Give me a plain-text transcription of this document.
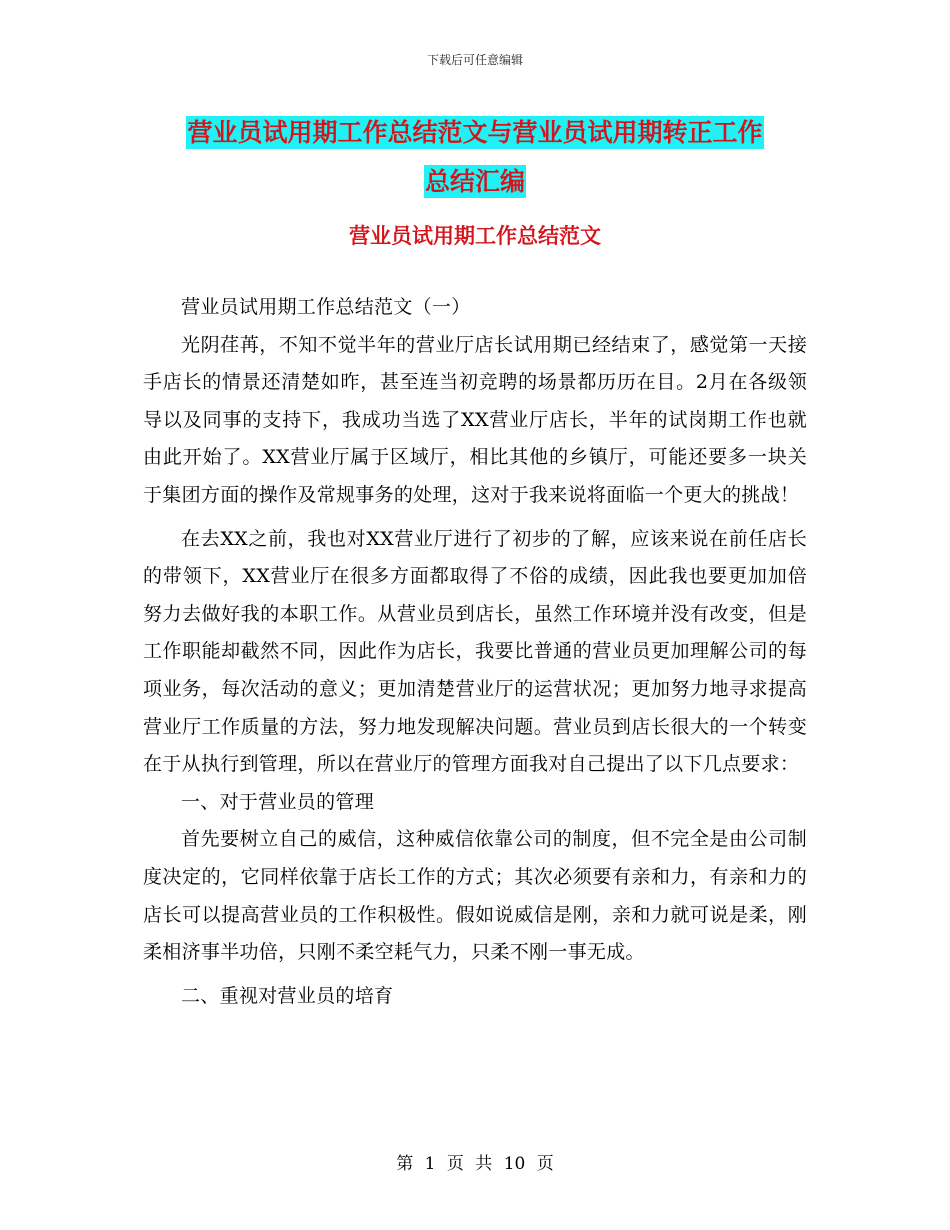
下载后可任意编辑
营业员试用期工作总结范文与营业员试用期转正工作
总结汇编
营业员试用期工作总结范文

营业员试用期工作总结范文（一）

光阴荏苒，不知不觉半年的营业厅店长试用期已经结束了，感觉第一天接手店长的情景还清楚如昨，甚至连当初竞聘的场景都历历在目。2月在各级领导以及同事的支持下，我成功当选了XX营业厅店长，半年的试岗期工作也就由此开始了。XX营业厅属于区域厅，相比其他的乡镇厅，可能还要多一块关于集团方面的操作及常规事务的处理，这对于我来说将面临一个更大的挑战！

在去XX之前，我也对XX营业厅进行了初步的了解，应该来说在前任店长的带领下，XX营业厅在很多方面都取得了不俗的成绩，因此我也要更加加倍努力去做好我的本职工作。从营业员到店长，虽然工作环境并没有改变，但是工作职能却截然不同，因此作为店长，我要比普通的营业员更加理解公司的每项业务，每次活动的意义；更加清楚营业厅的运营状况；更加努力地寻求提高营业厅工作质量的方法，努力地发现解决问题。营业员到店长很大的一个转变在于从执行到管理，所以在营业厅的管理方面我对自己提出了以下几点要求：

一、对于营业员的管理

首先要树立自己的威信，这种威信依靠公司的制度，但不完全是由公司制度决定的，它同样依靠于店长工作的方式；其次必须要有亲和力，有亲和力的店长可以提高营业员的工作积极性。假如说威信是刚，亲和力就可说是柔，刚柔相济事半功倍，只刚不柔空耗气力，只柔不刚一事无成。

二、重视对营业员的培育

第 1 页 共 10 页
